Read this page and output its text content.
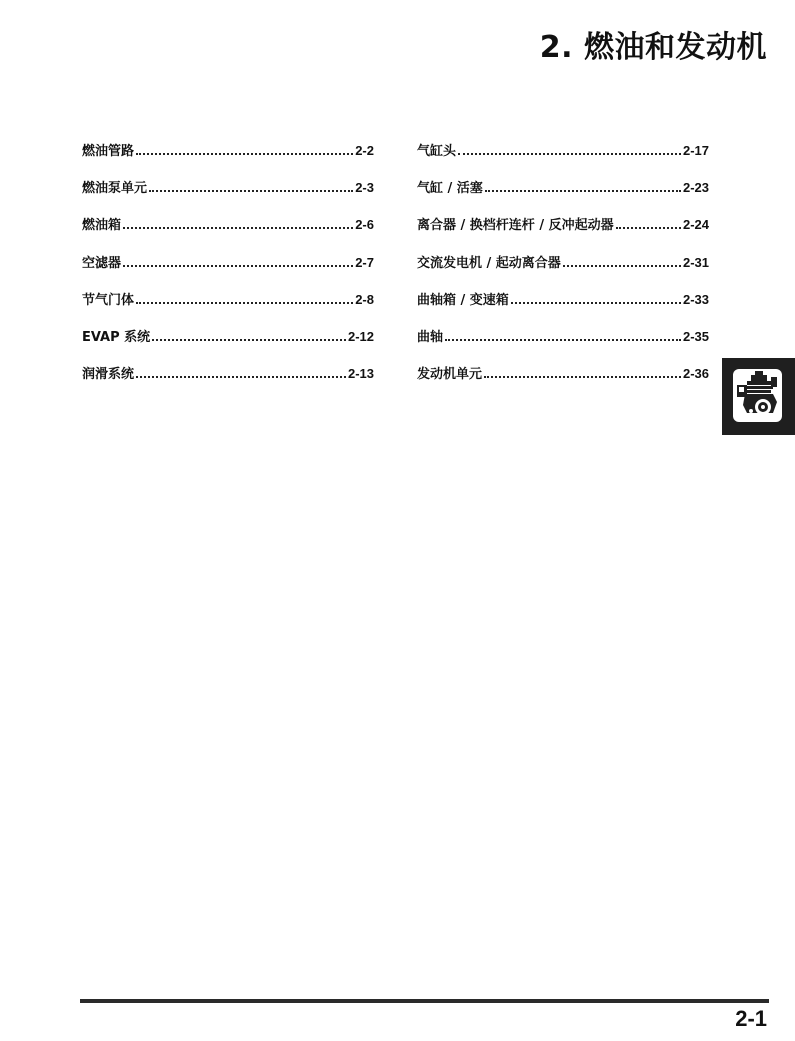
2. 燃油和发动机
燃油管路	2-2
燃油泵单元	2-3
燃油箱	2-6
空滤器	2-7
节气门体	2-8
EVAP 系统	2-12
润滑系统	2-13
气缸头	2-17
气缸 / 活塞	2-23
离合器 / 换档杆连杆 / 反冲起动器	2-24
交流发电机 / 起动离合器	2-31
曲轴箱 / 变速箱	2-33
曲轴	2-35
发动机单元	2-36
2-1
